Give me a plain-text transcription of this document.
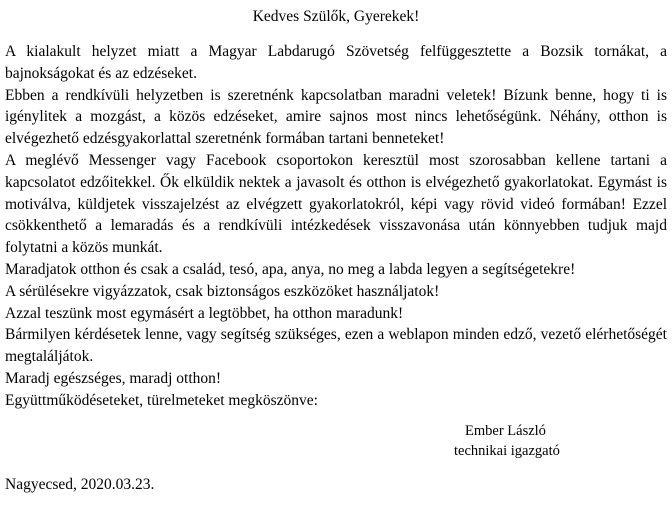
Kedves Szülők, Gyerekek!

A kialakult helyzet miatt a Magyar Labdarugó Szövetség felfüggesztette a Bozsik tornákat, a bajnokságokat és az edzéseket.

Ebben a rendkívüli helyzetben is szeretnénk kapcsolatban maradni veletek! Bízunk benne, hogy ti is igénylitek a mozgást, a közös edzéseket, amire sajnos most nincs lehetőségünk. Néhány, otthon is elvégezhető edzésgyakorlattal szeretnénk formában tartani benneteket!

A meglévő Messenger vagy Facebook csoportokon keresztül most szorosabban kellene tartani a kapcsolatot edzőitekkel. Ők elküldik nektek a javasolt és otthon is elvégezhető gyakorlatokat. Egymást is motiválva, küldjetek visszajelzést az elvégzett gyakorlatokról, képi vagy rövid videó formában! Ezzel csökkenthető a lemaradás és a rendkívüli intézkedések visszavonása után könnyebben tudjuk majd folytatni a közös munkát.

Maradjatok otthon és csak a család, tesó, apa, anya, no meg a labda legyen a segítségetekre!

A sérülésekre vigyázzatok, csak biztonságos eszközöket használjatok!

Azzal teszünk most egymásért a legtöbbet, ha otthon maradunk!

Bármilyen kérdésetek lenne, vagy segítség szükséges, ezen a weblapon minden edző, vezető elérhetőségét megtaláljátok.

Maradj egészséges, maradj otthon!

Együttműködéseteket, türelmeteket megköszönve:

Ember László
technikai igazgató
Nagyecsed, 2020.03.23.
